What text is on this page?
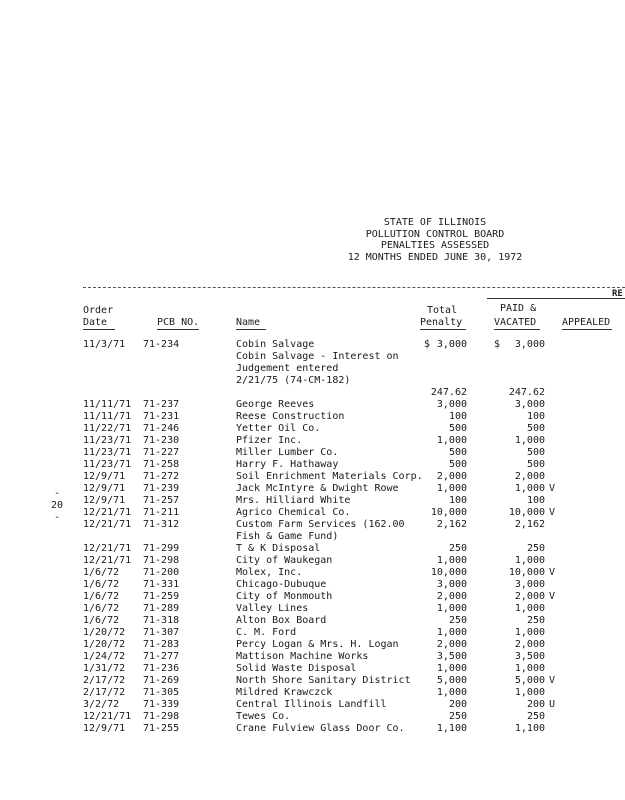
STATE OF ILLINOIS
POLLUTION CONTROL BOARD
PENALTIES ASSESSED
12 MONTHS ENDED JUNE 30, 1972
RE
Order
Date	PCB NO.	Name
Total
Penalty
PAID &
VACATED	APPEALED
-
20
-
11/3/71 71-234	Cobin Salvage	3,000	3,000
$	$
Cobin Salvage - Interest on
Judgement entered
2/21/75 (74-CM-182)
247.62	247.62
11/11/71 71-237	George Reeves	3,000	3,000
11/11/71 71-231	Reese Construction	100	100
11/22/71 71-246	Yetter Oil Co.	500	500
11/23/71 71-230	Pfizer Inc.	1,000	1,000
11/23/71 71-227	Miller Lumber Co.	500	500
11/23/71 71-258	Harry F. Hathaway	500	500
12/9/71 71-272	Soil Enrichment Materials Corp. 2,000	2,000
12/9/71 71-239	Jack McIntyre & Dwight Rowe	1,000	1,000 V
12/9/71 71-257	Mrs. Hilliard White	100	100
12/21/71 71-211	Agrico Chemical Co.	10,000	10,000 V
12/21/71 71-312	Custom Farm Services (162.00	2,162	2,162
Fish & Game Fund)
12/21/71 71-299	T & K Disposal	250	250
12/21/71 71-298	City of Waukegan	1,000	1,000
1/6/72 71-200	Molex, Inc.	10,000	10,000 V
1/6/72 71-331	Chicago-Dubuque	3,000	3,000
1/6/72 71-259	City of Monmouth	2,000	2,000 V
1/6/72 71-289	Valley Lines	1,000	1,000
1/6/72 71-318	Alton Box Board	250	250
1/20/72 71-307	C. M. Ford	1,000	1,000
1/20/72 71-283	Percy Logan & Mrs. H. Logan	2,000	2,000
1/24/72 71-277	Mattison Machine Works	3,500	3,500
1/31/72 71-236	Solid Waste Disposal	1,000	1,000
2/17/72 71-269	North Shore Sanitary District	5,000	5,000 V
2/17/72 71-305	Mildred Krawczck	1,000	1,000
3/2/72 71-339	Central Illinois Landfill	200	200 U
12/21/71 71-298	Tewes Co.	250	250
12/9/71 71-255	Crane Fulview Glass Door Co.	1,100	1,100
